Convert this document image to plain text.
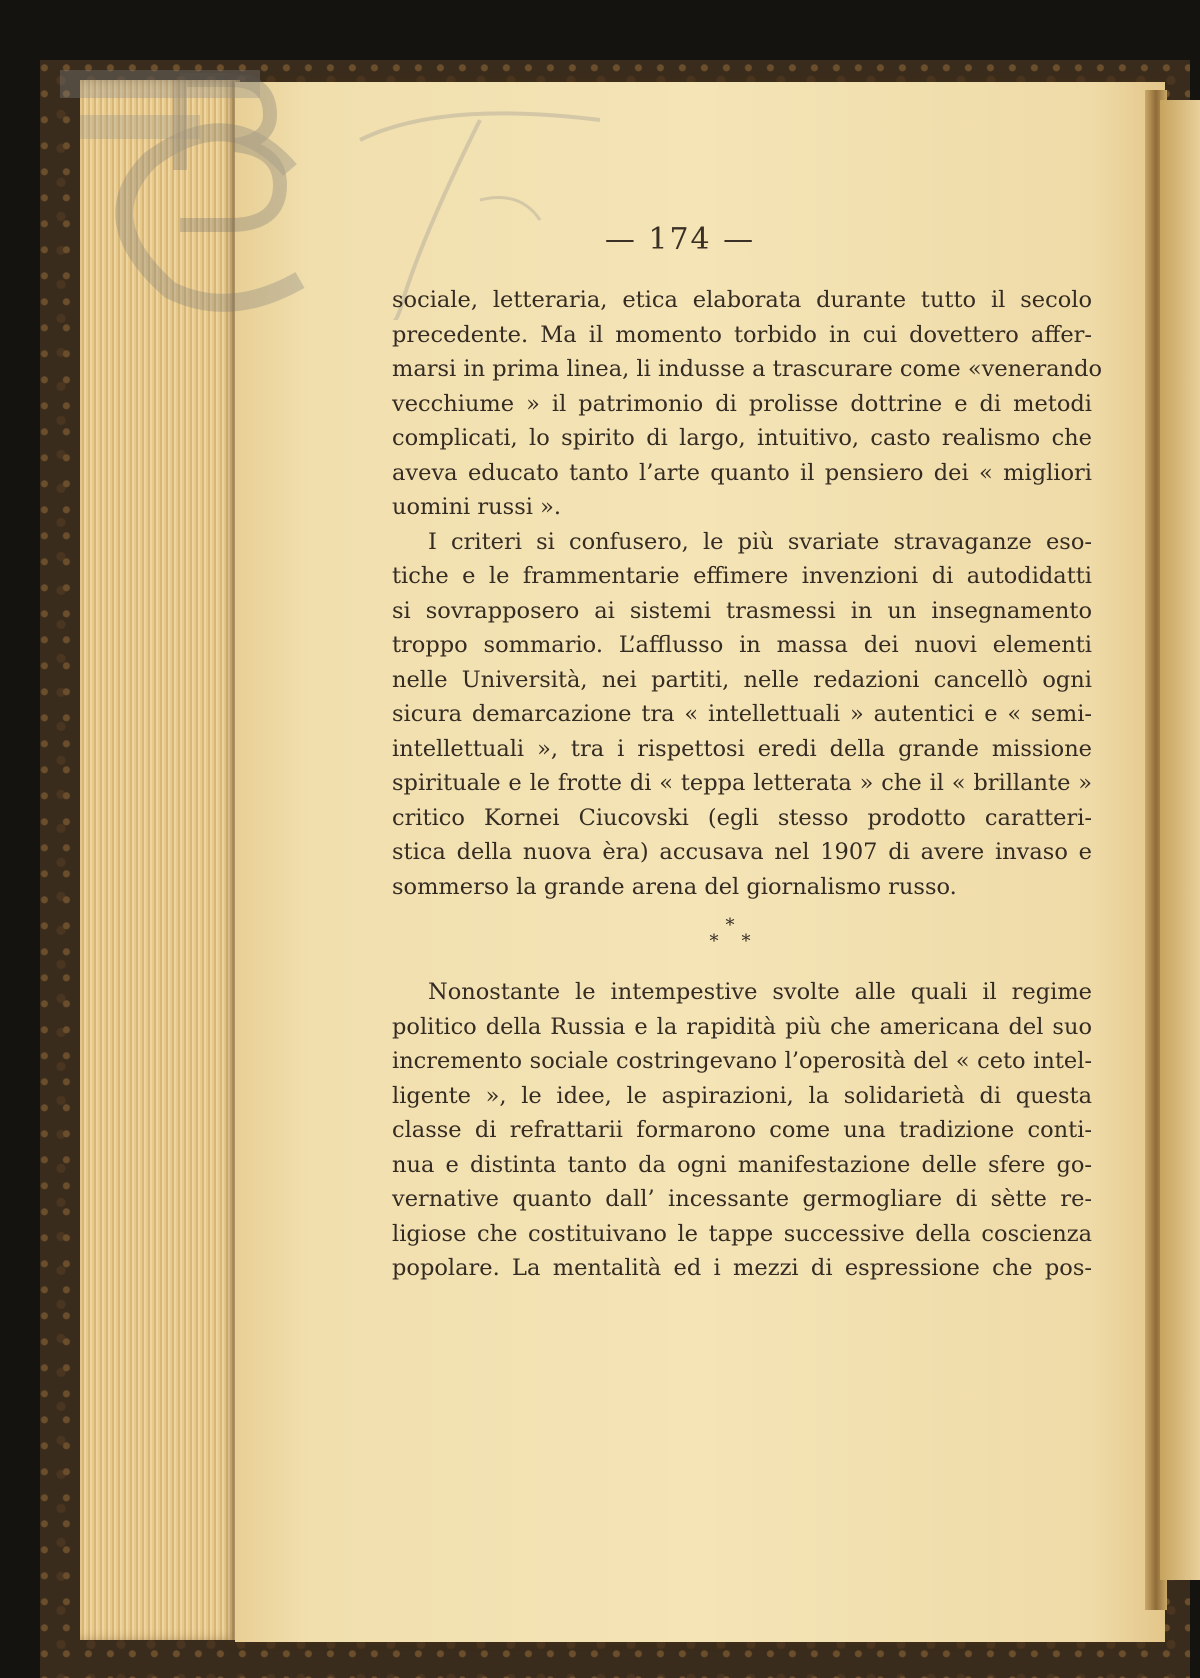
— 174 —
sociale, letteraria, etica elaborata durante tutto il secolo
precedente. Ma il momento torbido in cui dovettero affer-
marsi in prima linea, li indusse a trascurare come «venerando
vecchiume » il patrimonio di prolisse dottrine e di metodi
complicati, lo spirito di largo, intuitivo, casto realismo che
aveva educato tanto l’arte quanto il pensiero dei « migliori
uomini russi ».
I criteri si confusero, le più svariate stravaganze eso-
tiche e le frammentarie effimere invenzioni di autodidatti
si sovrapposero ai sistemi trasmessi in un insegnamento
troppo sommario. L’afflusso in massa dei nuovi elementi
nelle Università, nei partiti, nelle redazioni cancellò ogni
sicura demarcazione tra « intellettuali » autentici e « semi-
intellettuali », tra i rispettosi eredi della grande missione
spirituale e le frotte di « teppa letterata » che il « brillante »
critico Kornei Ciucovski (egli stesso prodotto caratteri-
stica della nuova èra) accusava nel 1907 di avere invaso e
sommerso la grande arena del giornalismo russo.
*
* *
Nonostante le intempestive svolte alle quali il regime
politico della Russia e la rapidità più che americana del suo
incremento sociale costringevano l’operosità del « ceto intel-
ligente », le idee, le aspirazioni, la solidarietà di questa
classe di refrattarii formarono come una tradizione conti-
nua e distinta tanto da ogni manifestazione delle sfere go-
vernative quanto dall’ incessante germogliare di sètte re-
ligiose che costituivano le tappe successive della coscienza
popolare. La mentalità ed i mezzi di espressione che pos-
